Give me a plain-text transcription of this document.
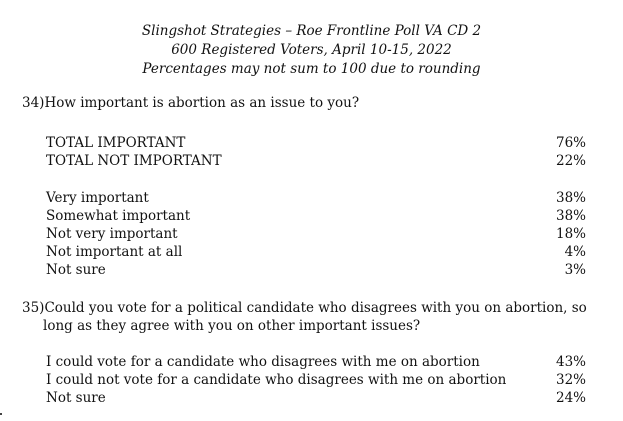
Slingshot Strategies – Roe Frontline Poll VA CD 2
600 Registered Voters, April 10-15, 2022
Percentages may not sum to 100 due to rounding
34)How important is abortion as an issue to you?
TOTAL IMPORTANT	76%
TOTAL NOT IMPORTANT	22%
Very important	38%
Somewhat important	38%
Not very important	18%
Not important at all	4%
Not sure	3%
35)Could you vote for a political candidate who disagrees with you on abortion, so
long as they agree with you on other important issues?
I could vote for a candidate who disagrees with me on abortion	43%
I could not vote for a candidate who disagrees with me on abortion	32%
Not sure	24%
